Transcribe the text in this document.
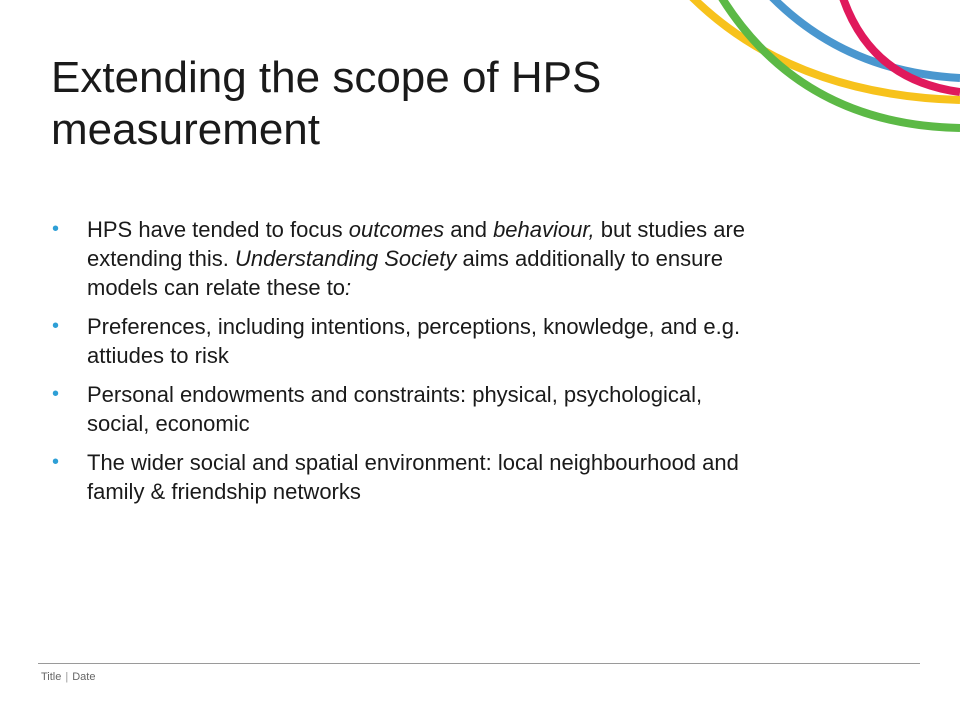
Extending the scope of HPS measurement
• HPS have tended to focus outcomes and behaviour, but studies are extending this. Understanding Society aims additionally to ensure models can relate these to:
• Preferences, including intentions, perceptions, knowledge, and e.g. attiudes to risk
• Personal endowments and constraints: physical, psychological, social, economic
• The wider social and spatial environment: local neighbourhood and family & friendship networks
Title | Date
